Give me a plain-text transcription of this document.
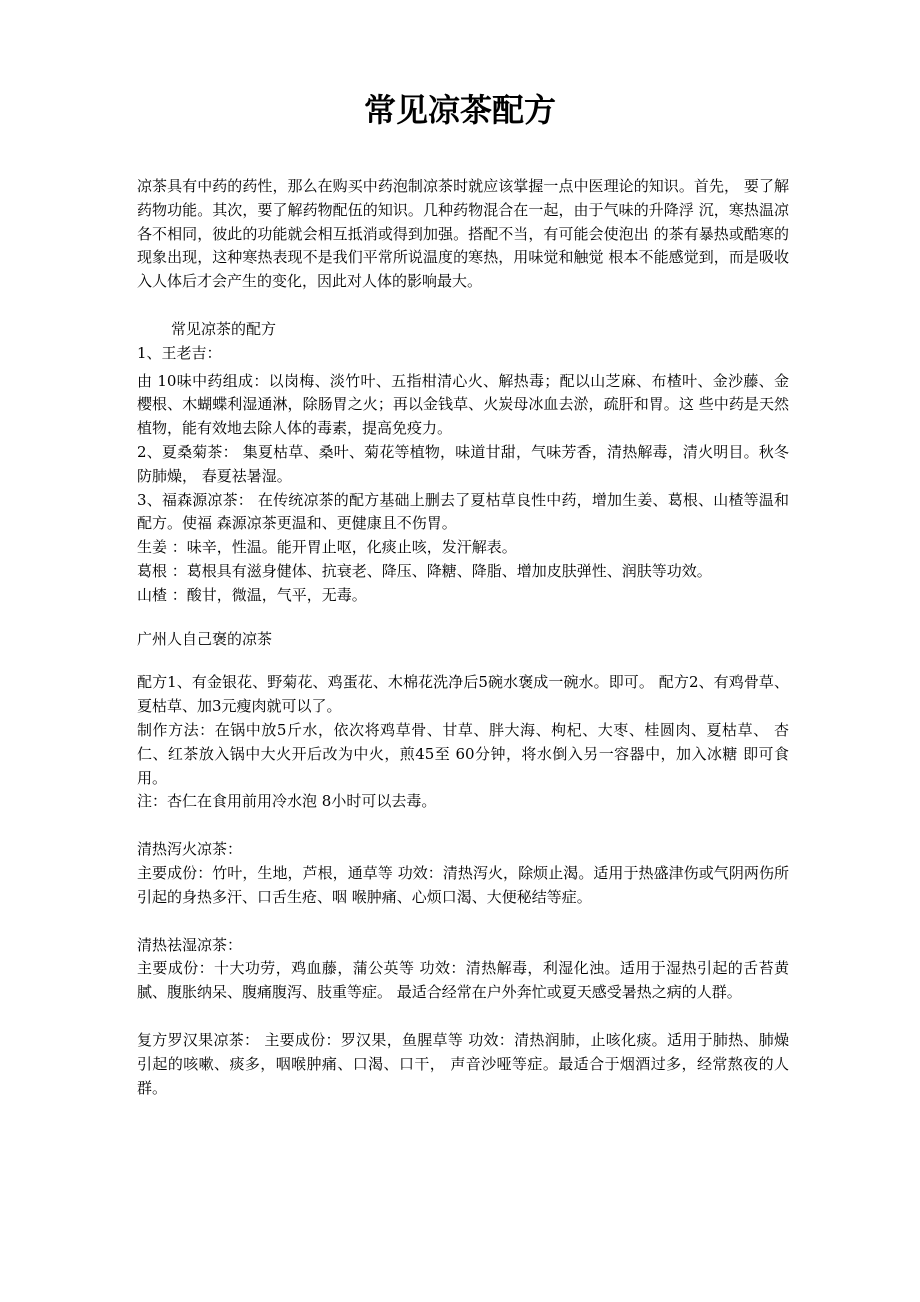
常见凉茶配方

凉茶具有中药的药性，那么在购买中药泡制凉茶时就应该掌握一点中医理论的知识。首先， 要了解药物功能。其次，要了解药物配伍的知识。几种药物混合在一起，由于气味的升降浮 沉，寒热温凉各不相同，彼此的功能就会相互抵消或得到加强。搭配不当，有可能会使泡出 的茶有暴热或酷寒的现象出现，这种寒热表现不是我们平常所说温度的寒热，用味觉和触觉 根本不能感觉到，而是吸收入人体后才会产生的变化，因此对人体的影响最大。

常见凉茶的配方

1、王老吉：

由 10味中药组成：以岗梅、淡竹叶、五指柑清心火、解热毒；配以山芝麻、布楂叶、金沙藤、金樱根、木蝴蝶利湿通淋，除肠胃之火；再以金钱草、火炭母冰血去淤，疏肝和胃。这 些中药是天然植物，能有效地去除人体的毒素，提高免疫力。

2、夏桑菊茶： 集夏枯草、桑叶、菊花等植物，味道甘甜，气味芳香，清热解毒，清火明目。秋冬防肺燥， 春夏祛暑湿。

3、福森源凉茶： 在传统凉茶的配方基础上删去了夏枯草良性中药，增加生姜、葛根、山楂等温和配方。使福 森源凉茶更温和、更健康且不伤胃。

生姜 ：味辛，性温。能开胃止呕，化痰止咳，发汗解表。

葛根 ：葛根具有滋身健体、抗衰老、降压、降糖、降脂、增加皮肤弹性、润肤等功效。

山楂 ：酸甘，微温，气平，无毒。

广州人自己褒的凉茶

配方1、有金银花、野菊花、鸡蛋花、木棉花洗净后5碗水褒成一碗水。即可。 配方2、有鸡骨草、夏枯草、加3元瘦肉就可以了。

制作方法：在锅中放5斤水，依次将鸡草骨、甘草、胖大海、枸杞、大枣、桂圆肉、夏枯草、 杏仁、红茶放入锅中大火开后改为中火，煎45至 60分钟，将水倒入另一容器中，加入冰糖 即可食用。

注：杏仁在食用前用冷水泡 8小时可以去毒。

清热泻火凉茶：

主要成份：竹叶，生地，芦根，通草等 功效：清热泻火，除烦止渴。适用于热盛津伤或气阴两伤所引起的身热多汗、口舌生疮、咽 喉肿痛、心烦口渴、大便秘结等症。

清热祛湿凉茶：

主要成份：十大功劳，鸡血藤，蒲公英等 功效：清热解毒，利湿化浊。适用于湿热引起的舌苔黄腻、腹胀纳呆、腹痛腹泻、肢重等症。 最适合经常在户外奔忙或夏天感受暑热之病的人群。

复方罗汉果凉茶： 主要成份：罗汉果，鱼腥草等 功效：清热润肺，止咳化痰。适用于肺热、肺燥引起的咳嗽、痰多，咽喉肿痛、口渴、口干， 声音沙哑等症。最适合于烟酒过多，经常熬夜的人群。
